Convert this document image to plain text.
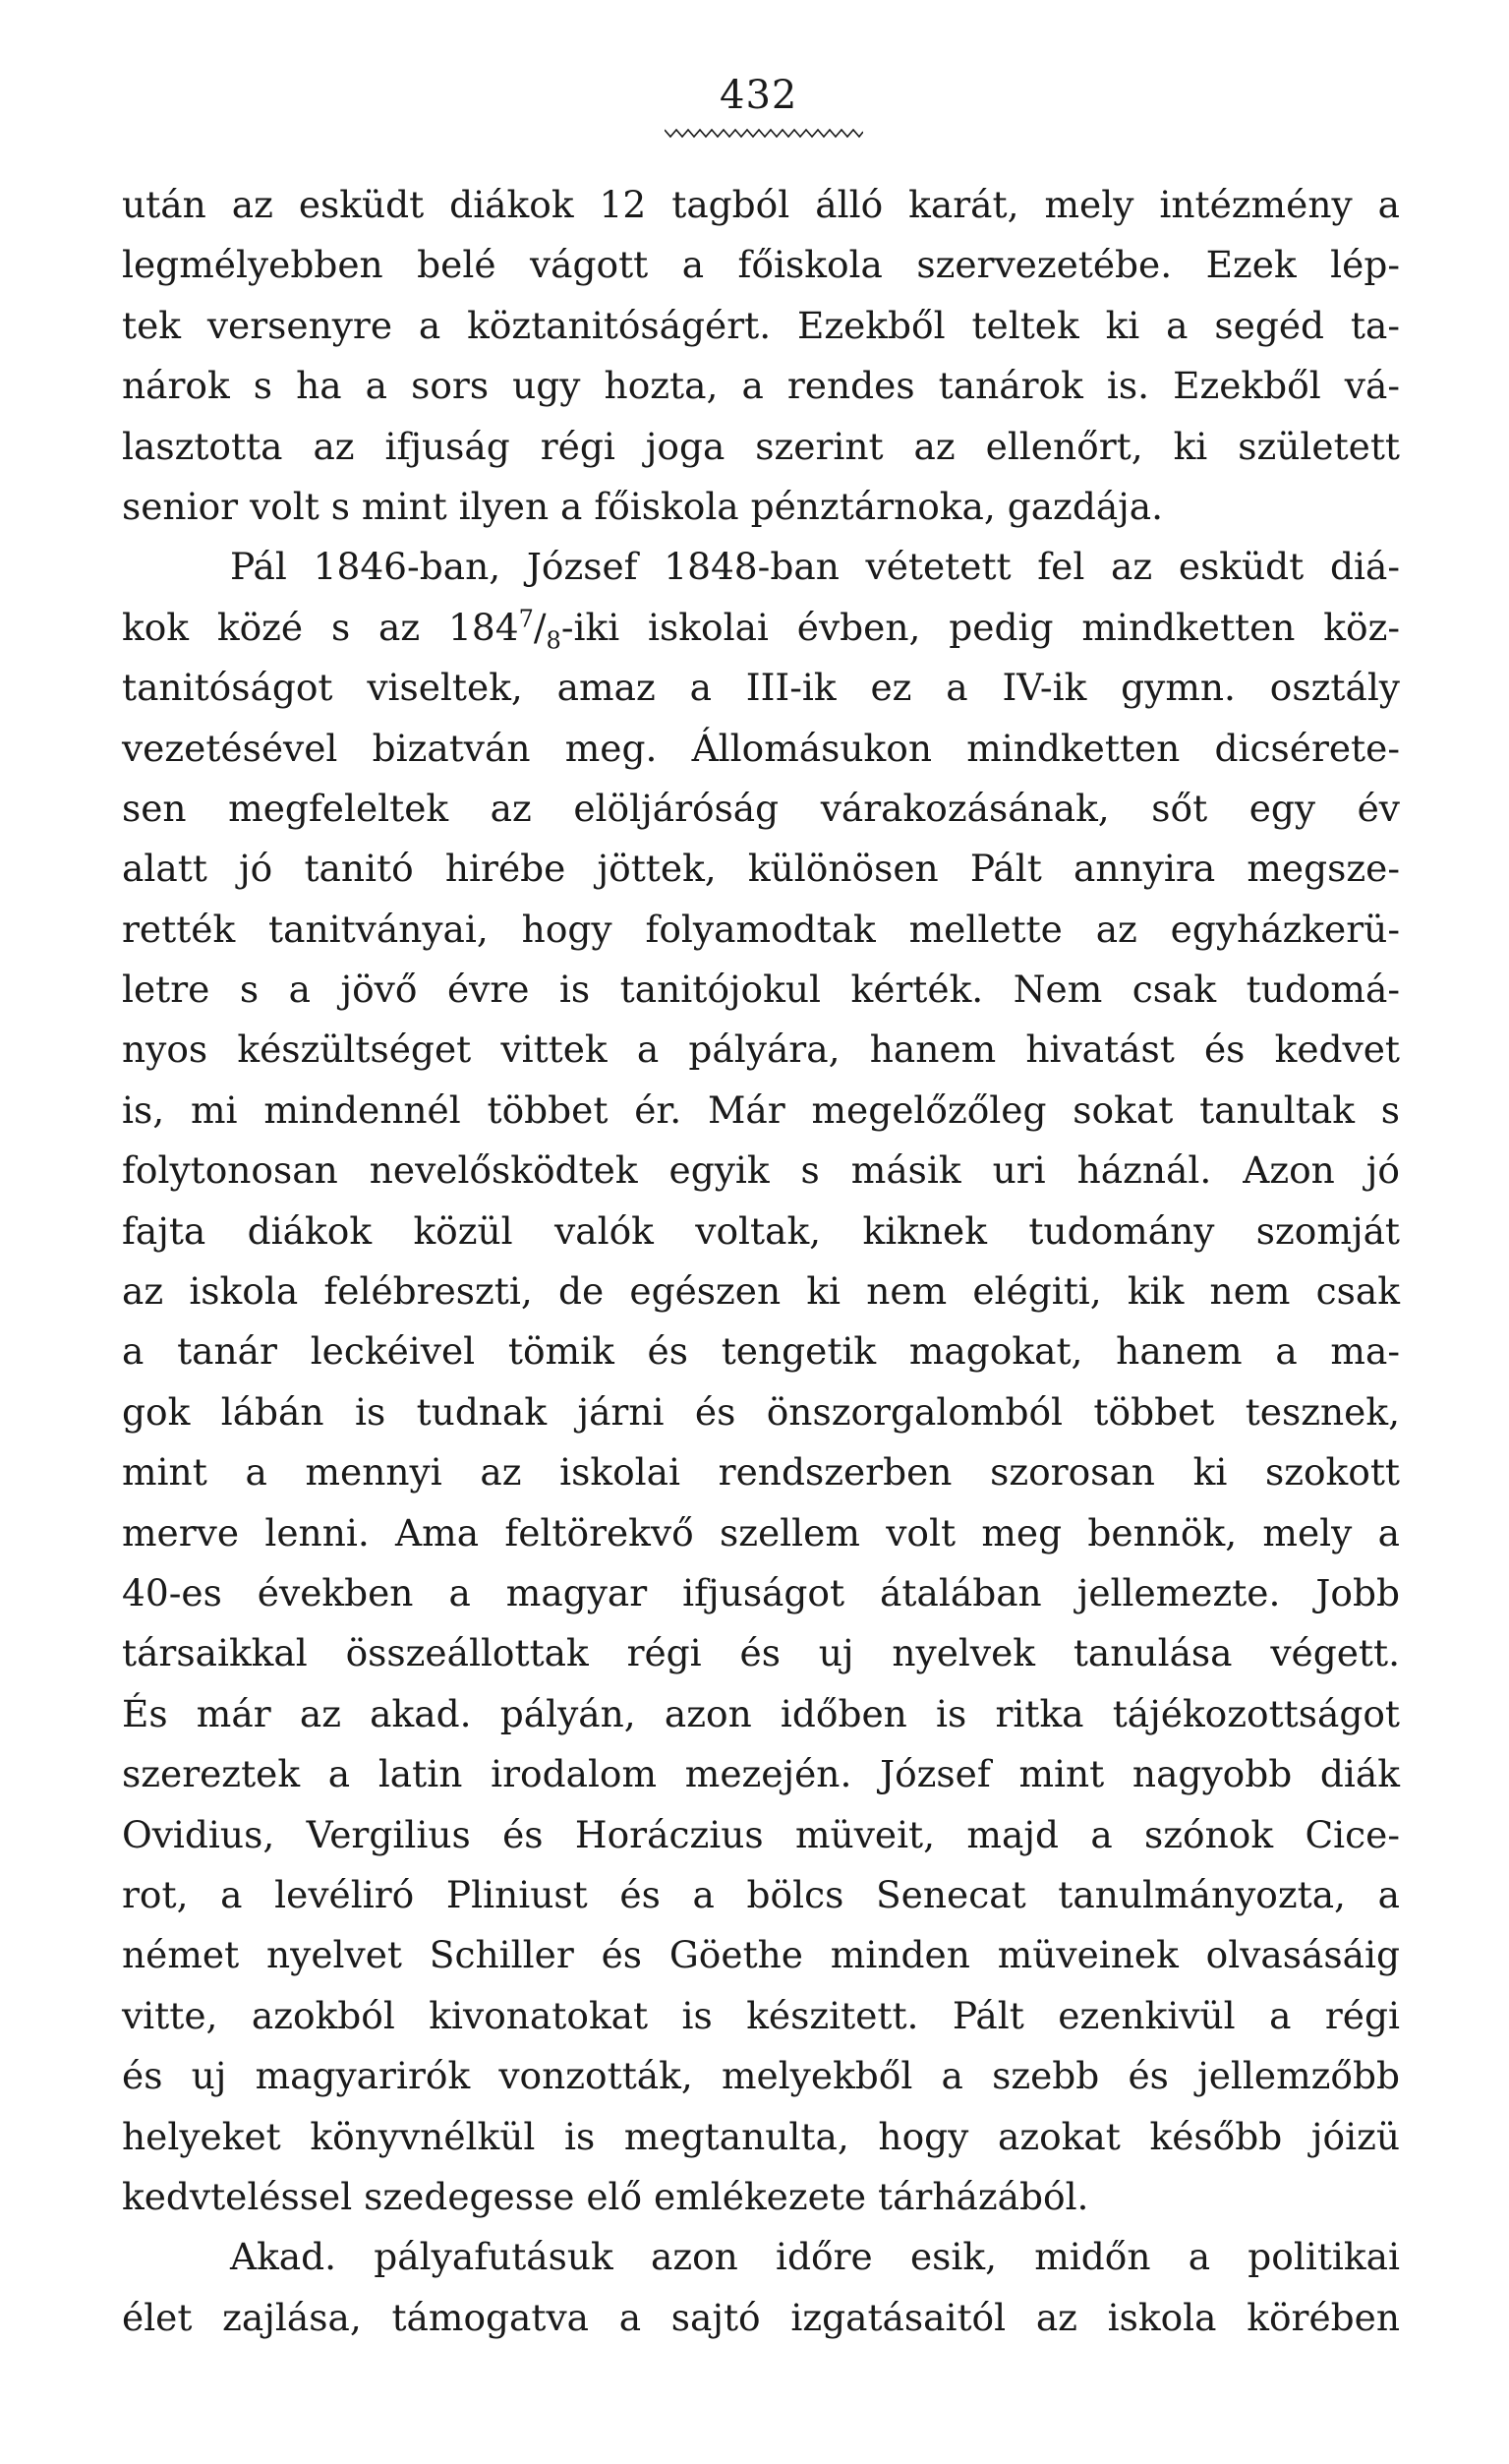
432
után az esküdt diákok 12 tagból álló karát, mely intézmény a
legmélyebben belé vágott a főiskola szervezetébe. Ezek lép-
tek versenyre a köztanitóságért. Ezekből teltek ki a segéd ta-
nárok s ha a sors ugy hozta, a rendes tanárok is. Ezekből vá-
lasztotta az ifjuság régi joga szerint az ellenőrt, ki született
senior volt s mint ilyen a főiskola pénztárnoka, gazdája.
Pál 1846-ban, József 1848-ban vétetett fel az esküdt diá-
kok közé s az $184^7/_8$-iki iskolai évben, pedig mindketten köz-
tanitóságot viseltek, amaz a III-ik ez a IV-ik gymn. osztály
vezetésével bizatván meg. Állomásukon mindketten dicsérete-
sen megfeleltek az elöljáróság várakozásának, sőt egy év
alatt jó tanitó hirébe jöttek, különösen Pált annyira megsze-
rették tanitványai, hogy folyamodtak mellette az egyházkerü-
letre s a jövő évre is tanitójokul kérték. Nem csak tudomá-
nyos készültséget vittek a pályára, hanem hivatást és kedvet
is, mi mindennél többet ér. Már megelőzőleg sokat tanultak s
folytonosan nevelősködtek egyik s másik uri háznál. Azon jó
fajta diákok közül valók voltak, kiknek tudomány szomját
az iskola felébreszti, de egészen ki nem elégiti, kik nem csak
a tanár leckéivel tömik és tengetik magokat, hanem a ma-
gok lábán is tudnak járni és önszorgalomból többet tesznek,
mint a mennyi az iskolai rendszerben szorosan ki szokott
merve lenni. Ama feltörekvő szellem volt meg bennök, mely a
40-es években a magyar ifjuságot átalában jellemezte. Jobb
társaikkal összeállottak régi és uj nyelvek tanulása végett.
És már az akad. pályán, azon időben is ritka tájékozottságot
szereztek a latin irodalom mezején. József mint nagyobb diák
Ovidius, Vergilius és Horáczius müveit, majd a szónok Cice-
rot, a levéliró Pliniust és a bölcs Senecat tanulmányozta, a
német nyelvet Schiller és Göethe minden müveinek olvasásáig
vitte, azokból kivonatokat is készitett. Pált ezenkivül a régi
és uj magyarirók vonzották, melyekből a szebb és jellemzőbb
helyeket könyvnélkül is megtanulta, hogy azokat később jóizü
kedvteléssel szedegesse elő emlékezete tárházából.
Akad. pályafutásuk azon időre esik, midőn a politikai
élet zajlása, támogatva a sajtó izgatásaitól az iskola körében
